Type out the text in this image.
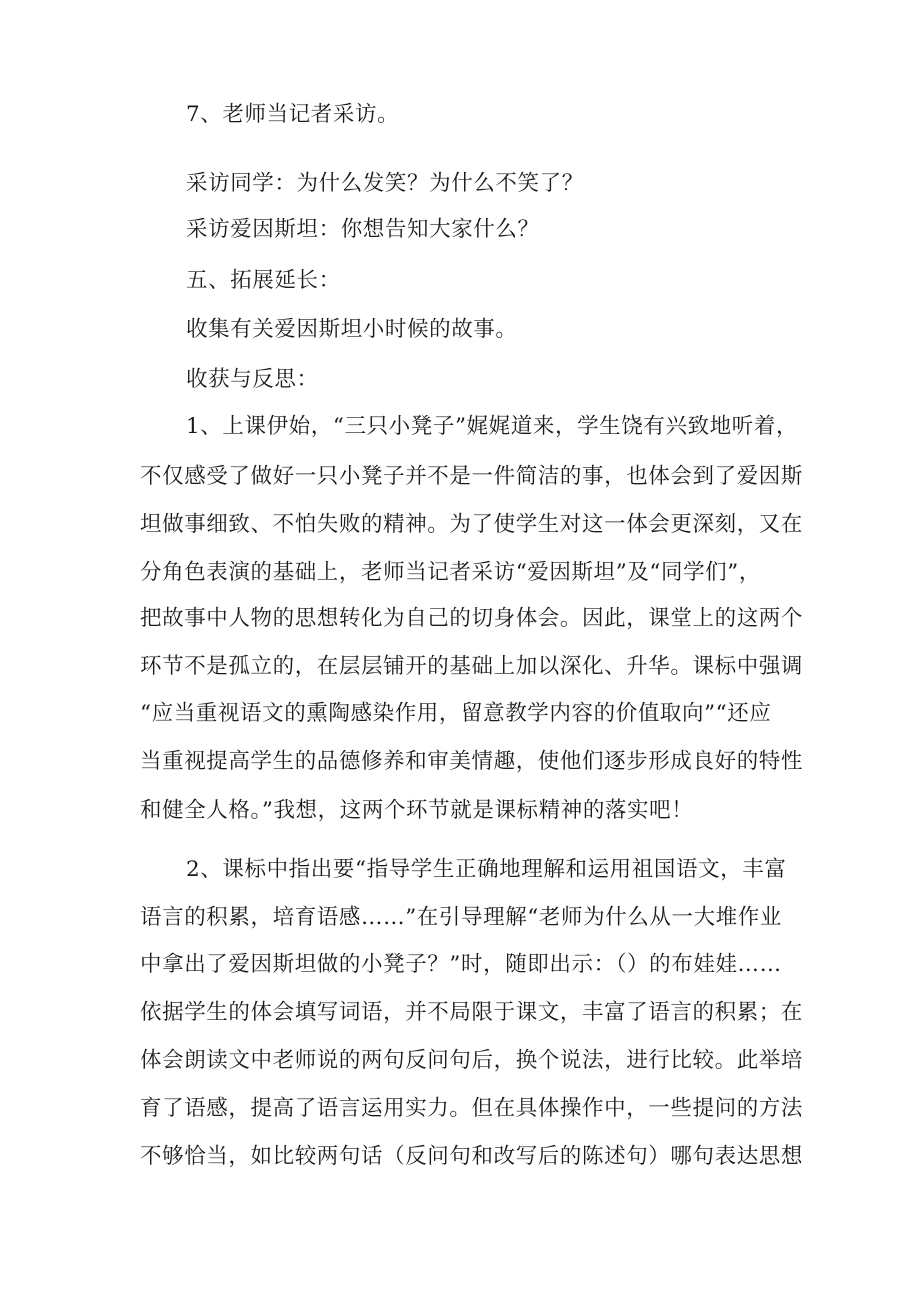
7、老师当记者采访。
采访同学：为什么发笑？为什么不笑了？
采访爱因斯坦：你想告知大家什么？
五、拓展延长：
收集有关爱因斯坦小时候的故事。
收获与反思：
1、上课伊始，“三只小凳子”娓娓道来，学生饶有兴致地听着，
不仅感受了做好一只小凳子并不是一件简洁的事，也体会到了爱因斯
坦做事细致、不怕失败的精神。为了使学生对这一体会更深刻，又在
分角色表演的基础上，老师当记者采访“爱因斯坦”及“同学们”，
把故事中人物的思想转化为自己的切身体会。因此，课堂上的这两个
环节不是孤立的，在层层铺开的基础上加以深化、升华。课标中强调
“应当重视语文的熏陶感染作用，留意教学内容的价值取向”“还应
当重视提高学生的品德修养和审美情趣，使他们逐步形成良好的特性
和健全人格。”我想，这两个环节就是课标精神的落实吧！
2、课标中指出要“指导学生正确地理解和运用祖国语文，丰富
语言的积累，培育语感……”在引导理解“老师为什么从一大堆作业
中拿出了爱因斯坦做的小凳子？”时，随即出示：（）的布娃娃……
依据学生的体会填写词语，并不局限于课文，丰富了语言的积累；在
体会朗读文中老师说的两句反问句后，换个说法，进行比较。此举培
育了语感，提高了语言运用实力。但在具体操作中，一些提问的方法
不够恰当，如比较两句话（反问句和改写后的陈述句）哪句表达思想
